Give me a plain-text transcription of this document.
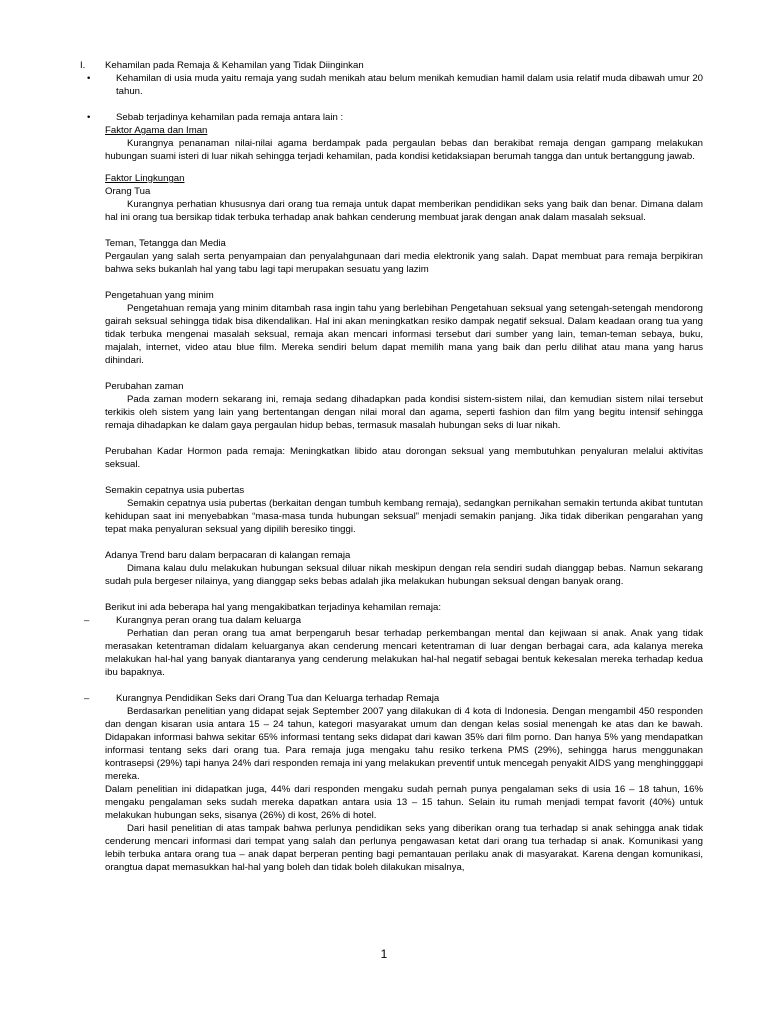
I. Kehamilan pada Remaja & Kehamilan yang Tidak Diinginkan

•	Kehamilan di usia muda yaitu remaja yang sudah menikah atau belum menikah kemudian hamil dalam usia relatif muda dibawah umur 20 tahun.

•	Sebab terjadinya kehamilan pada remaja antara lain :

Faktor Agama dan Iman

Kurangnya penanaman nilai-nilai agama berdampak pada pergaulan bebas dan berakibat remaja dengan gampang melakukan hubungan suami isteri di luar nikah sehingga terjadi kehamilan, pada kondisi ketidaksiapan berumah tangga dan untuk bertanggung jawab.

Faktor Lingkungan

Orang Tua

Kurangnya perhatian khususnya dari orang tua remaja untuk dapat memberikan pendidikan seks yang baik dan benar. Dimana dalam hal ini orang tua bersikap tidak terbuka terhadap anak bahkan cenderung membuat jarak dengan anak dalam masalah seksual.

Teman, Tetangga dan Media

Pergaulan yang salah serta penyampaian dan penyalahgunaan dari media elektronik yang salah. Dapat membuat para remaja berpikiran bahwa seks bukanlah hal yang tabu lagi tapi merupakan sesuatu yang lazim

Pengetahuan yang minim

Pengetahuan remaja yang minim ditambah rasa ingin tahu yang berlebihan Pengetahuan seksual yang setengah-setengah mendorong gairah seksual sehingga tidak bisa dikendalikan. Hal ini akan meningkatkan resiko dampak negatif seksual. Dalam keadaan orang tua yang tidak terbuka mengenai masalah seksual, remaja akan mencari informasi tersebut dari sumber yang lain, teman-teman sebaya, buku, majalah, internet, video atau blue film. Mereka sendiri belum dapat memilih mana yang baik dan perlu dilihat atau mana yang harus dihindari.

Perubahan zaman

Pada zaman modern sekarang ini, remaja sedang dihadapkan pada kondisi sistem-sistem nilai, dan kemudian sistem nilai tersebut terkikis oleh sistem yang lain yang bertentangan dengan nilai moral dan agama, seperti fashion dan film yang begitu intensif sehingga remaja dihadapkan ke dalam gaya pergaulan hidup bebas, termasuk masalah hubungan seks di luar nikah.

Perubahan Kadar Hormon pada remaja: Meningkatkan libido atau dorongan seksual yang membutuhkan penyaluran melalui aktivitas seksual.

Semakin cepatnya usia pubertas

Semakin cepatnya usia pubertas (berkaitan dengan tumbuh kembang remaja), sedangkan pernikahan semakin tertunda akibat tuntutan kehidupan saat ini menyebabkan “masa-masa tunda hubungan seksual” menjadi semakin panjang. Jika tidak diberikan pengarahan yang tepat maka penyaluran seksual yang dipilih beresiko tinggi.

Adanya Trend baru dalam berpacaran di kalangan remaja

Dimana kalau dulu melakukan hubungan seksual diluar nikah meskipun dengan rela sendiri sudah dianggap bebas. Namun sekarang sudah pula bergeser nilainya, yang dianggap seks bebas adalah jika melakukan hubungan seksual dengan banyak orang.

Berikut ini ada beberapa hal yang mengakibatkan terjadinya kehamilan remaja:

–	Kurangnya peran orang tua dalam keluarga

Perhatian dan peran orang tua amat berpengaruh besar terhadap perkembangan mental dan kejiwaan si anak. Anak yang tidak merasakan ketentraman didalam keluarganya akan cenderung mencari ketentraman di luar dengan berbagai cara, ada kalanya mereka melakukan hal-hal yang banyak diantaranya yang cenderung melakukan hal-hal negatif sebagai bentuk kekesalan mereka terhadap kedua ibu bapaknya.

–	Kurangnya Pendidikan Seks dari Orang Tua dan Keluarga terhadap Remaja

Berdasarkan penelitian yang didapat sejak September 2007 yang dilakukan di 4 kota di Indonesia. Dengan mengambil 450 responden dan dengan kisaran usia antara 15 – 24 tahun, kategori masyarakat umum dan dengan kelas sosial menengah ke atas dan ke bawah. Didapakan informasi bahwa sekitar 65% informasi tentang seks didapat dari kawan 35% dari film porno. Dan hanya 5% yang mendapatkan informasi tentang seks dari orang tua. Para remaja juga mengaku tahu resiko terkena PMS (29%), sehingga harus menggunakan kontrasepsi (29%) tapi hanya 24% dari responden remaja ini yang melakukan preventif untuk mencegah penyakit AIDS yang menghingggapi mereka.

Dalam penelitian ini didapatkan juga, 44% dari responden mengaku sudah pernah punya pengalaman seks di usia 16 – 18 tahun, 16% mengaku pengalaman seks sudah mereka dapatkan antara usia 13 – 15 tahun. Selain itu rumah menjadi tempat favorit (40%) untuk melakukan hubungan seks, sisanya (26%) di kost, 26% di hotel.

Dari hasil penelitian di atas tampak bahwa perlunya pendidikan seks yang diberikan orang tua terhadap si anak sehingga anak tidak cenderung mencari informasi dari tempat yang salah dan perlunya pengawasan ketat dari orang tua terhadap si anak. Komunikasi yang lebih terbuka antara orang tua – anak dapat berperan penting bagi pemantauan perilaku anak di masyarakat. Karena dengan komunikasi, orangtua dapat memasukkan hal-hal yang boleh dan tidak boleh dilakukan misalnya,

1
